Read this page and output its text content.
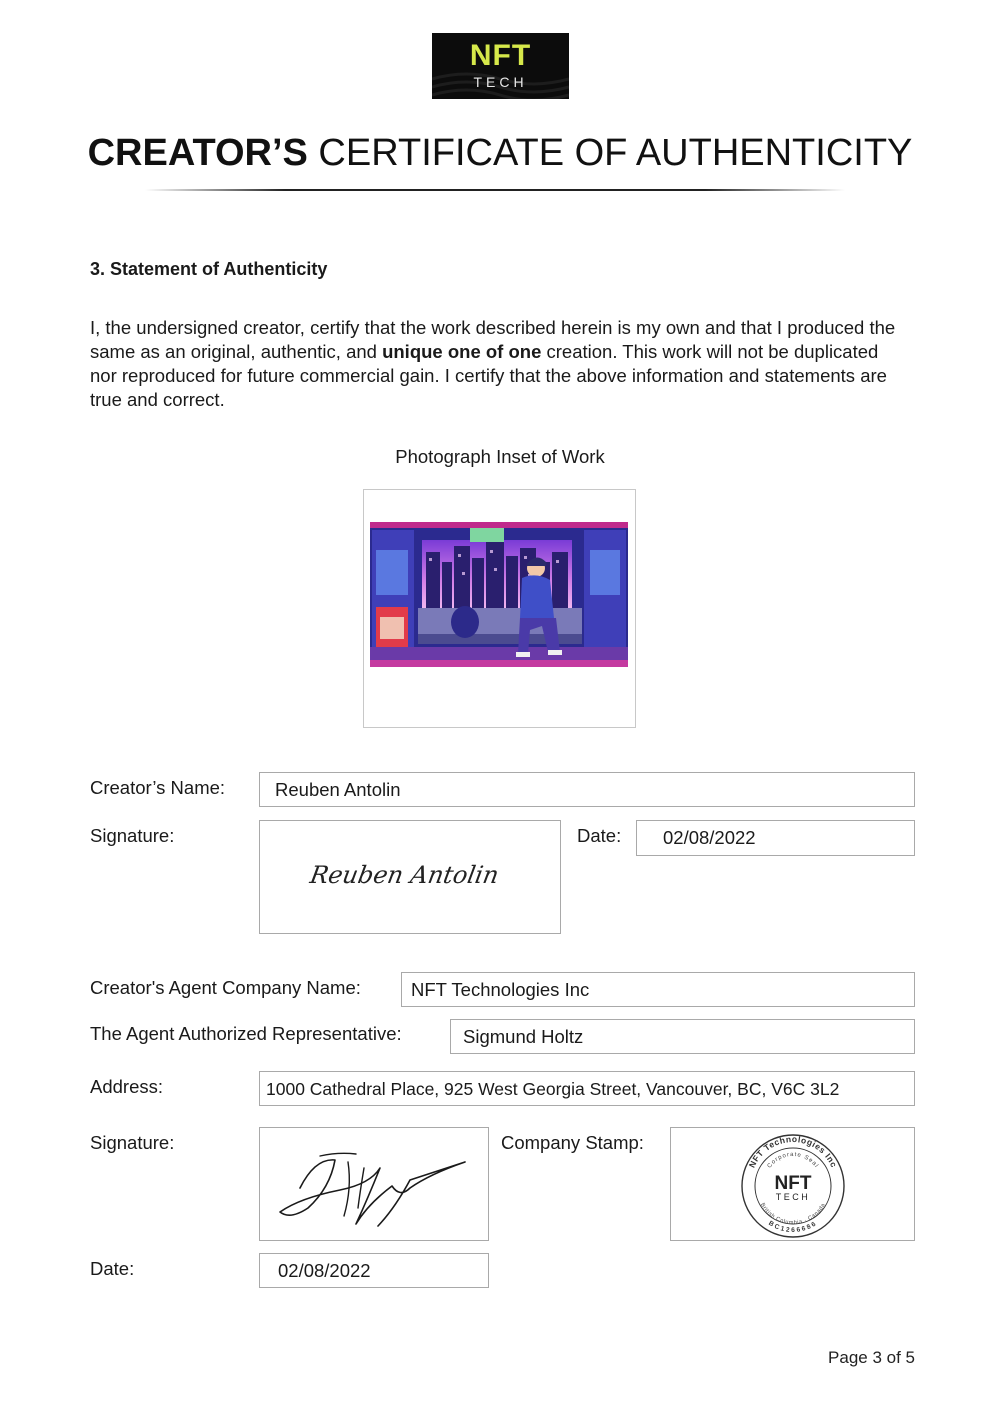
NFT
TECH
CREATOR’S CERTIFICATE OF AUTHENTICITY
3. Statement of Authenticity
I, the undersigned creator, certify that the work described herein is my own and that I produced the same as an original, authentic, and unique one of one creation. This work will not be duplicated nor reproduced for future commercial gain. I certify that the above information and statements are true and correct.
Photograph Inset of Work
Creator’s Name:	Reuben Antolin
Signature:
Reuben Antolin
Date:	02/08/2022
Creator's Agent Company Name:	NFT Technologies Inc
The Agent Authorized Representative:	Sigmund Holtz
Address:	1000 Cathedral Place, 925 West Georgia Street, Vancouver, BC, V6C 3L2
Signature:	Company Stamp:
NFT Technologies Inc
Corporate Seal
NFT
TECH
British Columbia · Canada
BC1266686
Date:	02/08/2022
Page 3 of 5
